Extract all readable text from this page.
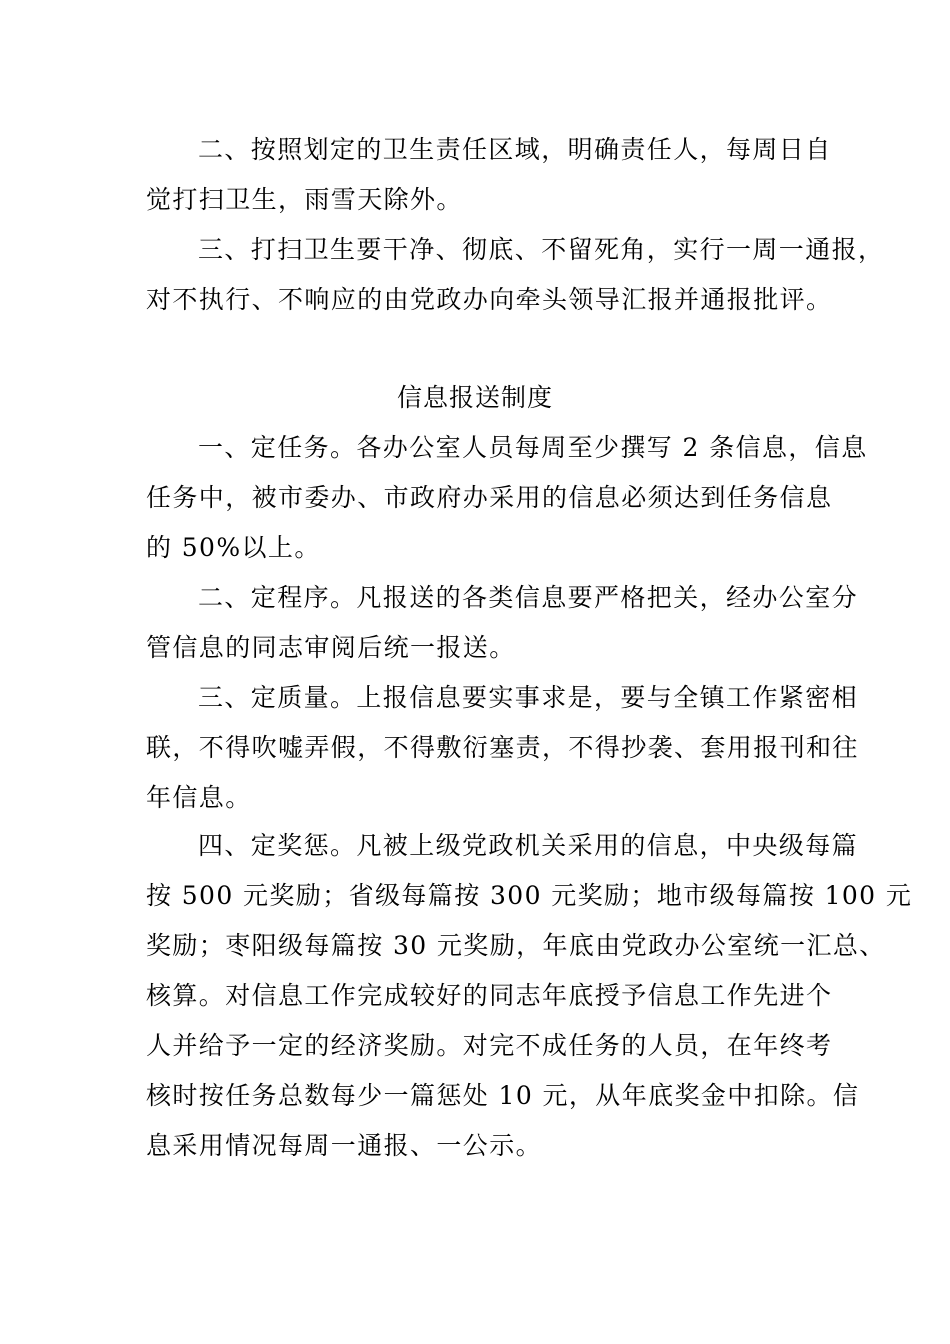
二、按照划定的卫生责任区域，明确责任人，每周日自
觉打扫卫生，雨雪天除外。
三、打扫卫生要干净、彻底、不留死角，实行一周一通报，
对不执行、不响应的由党政办向牵头领导汇报并通报批评。
信息报送制度
一、定任务。各办公室人员每周至少撰写 2 条信息，信息
任务中，被市委办、市政府办采用的信息必须达到任务信息
的 50%以上。
二、定程序。凡报送的各类信息要严格把关，经办公室分
管信息的同志审阅后统一报送。
三、定质量。上报信息要实事求是，要与全镇工作紧密相
联，不得吹嘘弄假，不得敷衍塞责，不得抄袭、套用报刊和往
年信息。
四、定奖惩。凡被上级党政机关采用的信息，中央级每篇
按 500 元奖励；省级每篇按 300 元奖励；地市级每篇按 100 元
奖励；枣阳级每篇按 30 元奖励，年底由党政办公室统一汇总、
核算。对信息工作完成较好的同志年底授予信息工作先进个
人并给予一定的经济奖励。对完不成任务的人员，在年终考
核时按任务总数每少一篇惩处 10 元，从年底奖金中扣除。信
息采用情况每周一通报、一公示。
